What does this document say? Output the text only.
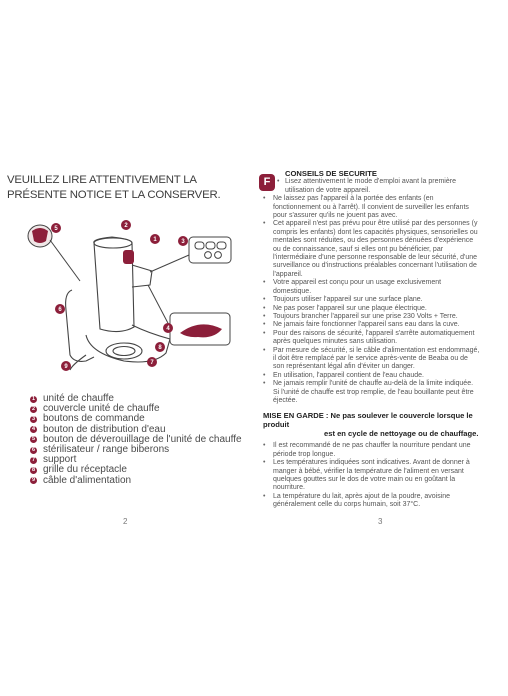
VEUILLEZ LIRE ATTENTIVEMENT LA PRÉSENTE NOTICE ET LA CONSERVER.
2
1	3
5
6
4
8
7
9
1 unité de chauffe
2 couvercle unité de chauffe
3 boutons de commande
4 bouton de distribution d'eau
5 bouton de déverouillage de l'unité de chauffe
6 stérilisateur / range biberons
7 support
8 grille du réceptacle
9 câble d'alimentation
2
F
CONSEILS DE SECURITE
• Lisez attentivement le mode d'emploi avant la première utilisation de votre appareil.
• Ne laissez pas l'appareil à la portée des enfants (en fonctionnement ou à l'arrêt). Il convient de surveiller les enfants pour s'assurer qu'ils ne jouent pas avec.
• Cet appareil n'est pas prévu pour être utilisé par des personnes (y compris les enfants) dont les capacités physiques, sensorielles ou mentales sont réduites, ou des personnes dénuées d'expérience ou de connaissance, sauf si elles ont pu bénéficier, par l'intermédiaire d'une personne responsable de leur sécurité, d'une surveillance ou d'instructions préalables concernant l'utilisation de l'appareil.
• Votre appareil est conçu pour un usage exclusivement domestique.
• Toujours utiliser l'appareil sur une surface plane.
• Ne pas poser l'appareil sur une plaque électrique.
• Toujours brancher l'appareil sur une prise 230 Volts + Terre.
• Ne jamais faire fonctionner l'appareil sans eau dans la cuve.
• Pour des raisons de sécurité, l'appareil s'arrête automatiquement après quelques minutes sans utilisation.
• Par mesure de sécurité, si le câble d'alimentation est endommagé, il doit être remplacé par le service après-vente de Beaba ou de son représentant légal afin d'éviter un danger.
• En utilisation, l'appareil contient de l'eau chaude.
• Ne jamais remplir l'unité de chauffe au-delà de la limite indiquée. Si l'unité de chauffe est trop remplie, de l'eau bouillante peut être éjectée.
MISE EN GARDE : Ne pas soulever le couvercle lorsque le produit
est en cycle de nettoyage ou de chauffage.
• Il est recommandé de ne pas chauffer la nourriture pendant une période trop longue.
• Les températures indiquées sont indicatives. Avant de donner à manger à bébé, vérifier la température de l'aliment en versant quelques gouttes sur le dos de votre main ou en goûtant la nourriture.
• La température du lait, après ajout de la poudre, avoisine généralement celle du corps humain, soit 37°C.
3
